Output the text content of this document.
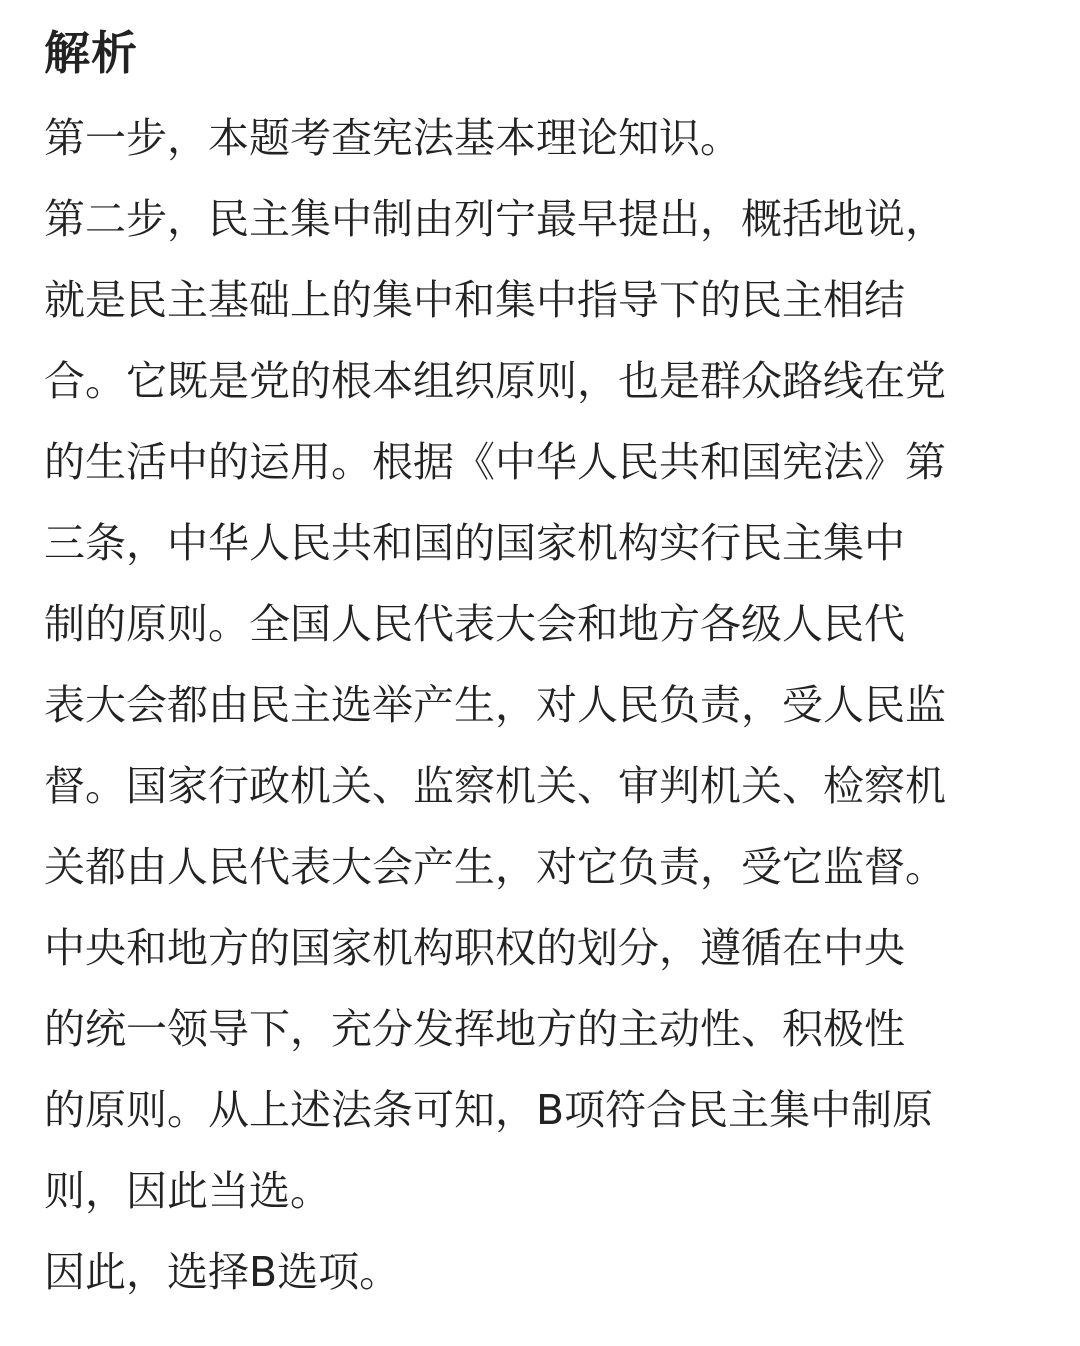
解析

第一步，本题考查宪法基本理论知识。

第二步，民主集中制由列宁最早提出，概括地说，
就是民主基础上的集中和集中指导下的民主相结
合。它既是党的根本组织原则，也是群众路线在党
的生活中的运用。根据《中华人民共和国宪法》第
三条，中华人民共和国的国家机构实行民主集中
制的原则。全国人民代表大会和地方各级人民代
表大会都由民主选举产生，对人民负责，受人民监
督。国家行政机关、监察机关、审判机关、检察机
关都由人民代表大会产生，对它负责，受它监督。
中央和地方的国家机构职权的划分，遵循在中央
的统一领导下，充分发挥地方的主动性、积极性
的原则。从上述法条可知，B项符合民主集中制原
则，因此当选。

因此，选择B选项。
